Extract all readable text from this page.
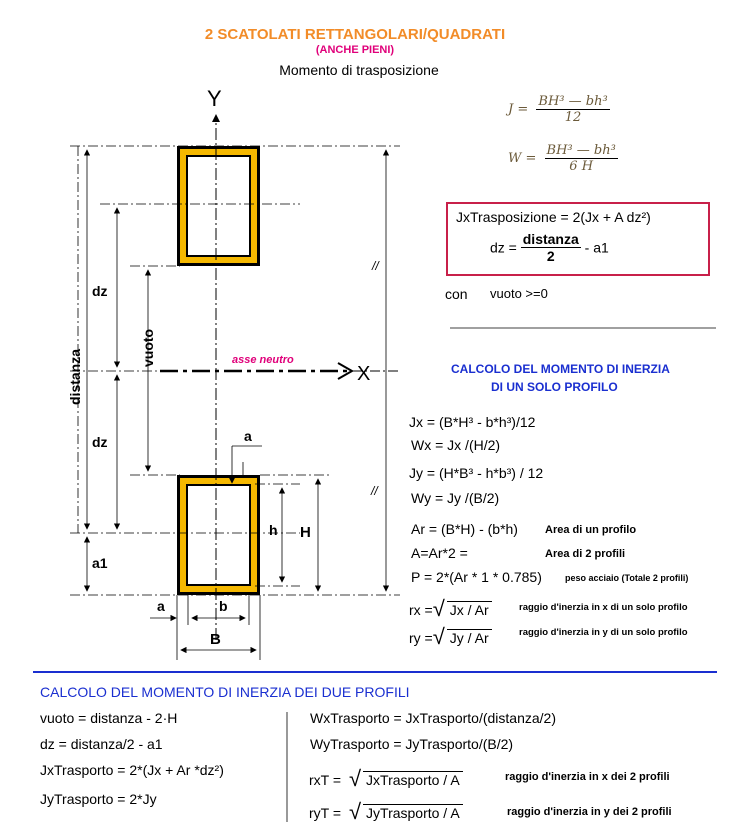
2 SCATOLATI RETTANGOLARI/QUADRATI
(ANCHE PIENI)
Momento di trasposizione
Y
X
asse neutro
distanza
vuoto
dz
dz
a1
a
a	b
B
h H
//
//
$J = \frac{\text{BH³ — bh³}}{12}$
$W = \frac{\text{BH³ — bh³}}{6 H}$
JxTrasposizione = 2(Jx + A dz²)
dz = $\frac{\text{distanza}}{2} - a1$
con vuoto >=0
CALCOLO DEL MOMENTO DI INERZIA
DI UN SOLO PROFILO
Jx = (B*H³ - b*h³)/12
Wx = Jx /(H/2)
Jy = (H*B³ - h*b³) / 12
Wy = Jy /(B/2)
Ar = (B*H) - (b*h) Area di un profilo
A=Ar*2 =	Area di 2 profili
P = 2*(Ar * 1 * 0.785)	peso acciaio (Totale 2 profili)
rx = √ Jx / Ar	raggio d'inerzia in x di un solo profilo
ry = √ Jy / Ar	raggio d'inerzia in y di un solo profilo
CALCOLO DEL MOMENTO DI INERZIA DEI DUE PROFILI
vuoto = distanza - 2·H
dz = distanza/2 - a1
JxTrasporto = 2*(Jx + Ar *dz²)
JyTrasporto = 2*Jy
WxTrasporto = JxTrasporto/(distanza/2)
WyTrasporto = JyTrasporto/(B/2)
rxT = √ JxTrasporto / A	raggio d'inerzia in x dei 2 profili
ryT = √ JyTrasporto / A	raggio d'inerzia in y dei 2 profili
